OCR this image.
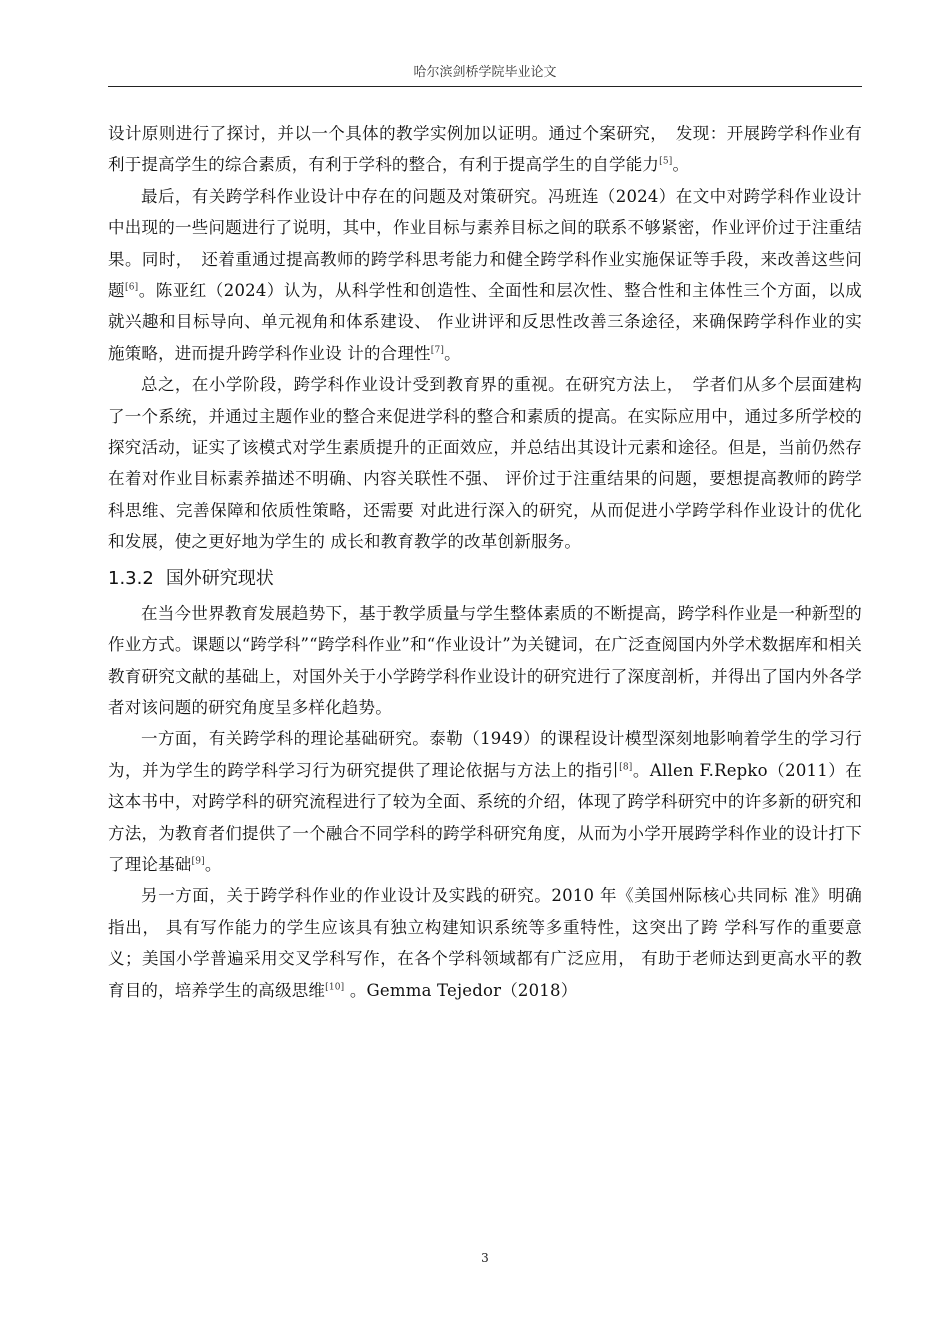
哈尔滨剑桥学院毕业论文

设计原则进行了探讨，并以一个具体的教学实例加以证明。通过个案研究，　发现：开展跨学科作业有利于提高学生的综合素质，有利于学科的整合，有利于提高学生的自学能力[5]。

最后，有关跨学科作业设计中存在的问题及对策研究。冯班连（2024）在文中对跨学科作业设计中出现的一些问题进行了说明，其中，作业目标与素养目标之间的联系不够紧密，作业评价过于注重结果。同时，　还着重通过提高教师的跨学科思考能力和健全跨学科作业实施保证等手段，来改善这些问题[6]。陈亚红（2024）认为，从科学性和创造性、全面性和层次性、整合性和主体性三个方面，以成就兴趣和目标导向、单元视角和体系建设、 作业讲评和反思性改善三条途径，来确保跨学科作业的实施策略，进而提升跨学科作业设 计的合理性[7]。

总之，在小学阶段，跨学科作业设计受到教育界的重视。在研究方法上，　学者们从多个层面建构了一个系统，并通过主题作业的整合来促进学科的整合和素质的提高。在实际应用中，通过多所学校的探究活动，证实了该模式对学生素质提升的正面效应，并总结出其设计元素和途径。但是，当前仍然存在着对作业目标素养描述不明确、内容关联性不强、 评价过于注重结果的问题，要想提高教师的跨学科思维、完善保障和依质性策略，还需要 对此进行深入的研究，从而促进小学跨学科作业设计的优化和发展，使之更好地为学生的 成长和教育教学的改革创新服务。

1.3.2 国外研究现状

在当今世界教育发展趋势下，基于教学质量与学生整体素质的不断提高，跨学科作业是一种新型的作业方式。课题以“跨学科”“跨学科作业”和“作业设计”为关键词，在广泛查阅国内外学术数据库和相关教育研究文献的基础上，对国外关于小学跨学科作业设计的研究进行了深度剖析，并得出了国内外各学者对该问题的研究角度呈多样化趋势。

一方面，有关跨学科的理论基础研究。泰勒（1949）的课程设计模型深刻地影响着学生的学习行为，并为学生的跨学科学习行为研究提供了理论依据与方法上的指引[8]。Allen F.Repko（2011）在这本书中，对跨学科的研究流程进行了较为全面、系统的介绍，体现了跨学科研究中的许多新的研究和方法，为教育者们提供了一个融合不同学科的跨学科研究角度，从而为小学开展跨学科作业的设计打下了理论基础[9]。

另一方面，关于跨学科作业的作业设计及实践的研究。2010 年《美国州际核心共同标 准》明确指出， 具有写作能力的学生应该具有独立构建知识系统等多重特性，这突出了跨 学科写作的重要意义；美国小学普遍采用交叉学科写作，在各个学科领域都有广泛应用， 有助于老师达到更高水平的教育目的，培养学生的高级思维[10] 。Gemma Tejedor（2018）

3
